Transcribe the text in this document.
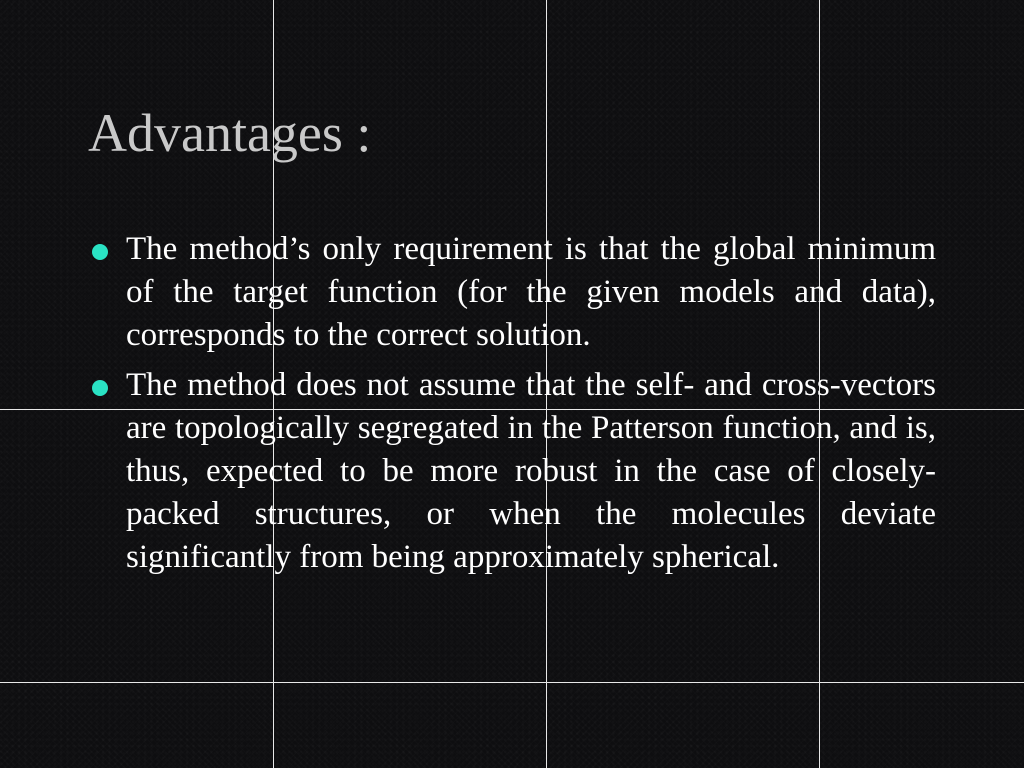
Advantages :
The method’s only requirement is that the global minimum of the target function (for the given models and data), corresponds to the correct solution.
The method does not assume that the self- and cross-vectors are topologically segregated in the Patterson function, and is, thus, expected to be more robust in the case of closely-packed structures, or when the molecules deviate significantly from being approximately spherical.
